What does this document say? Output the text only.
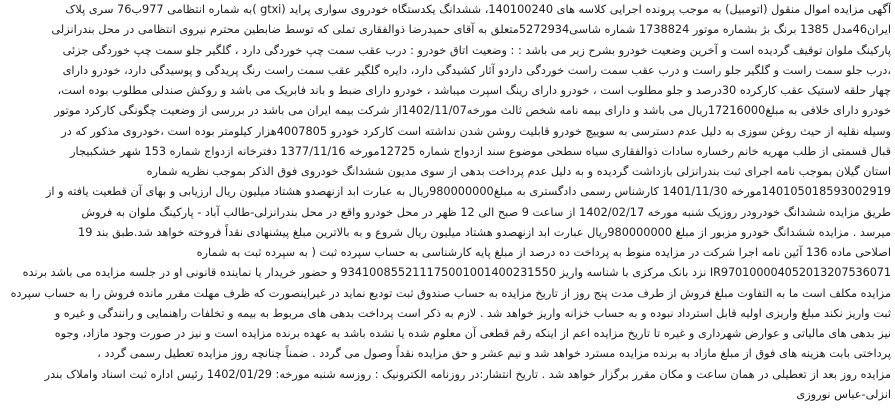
آگهی مزایده اموال منقول (اتومبیل) به موجب پرونده اجرایی کلاسه های 140100240، ششدانگ یکدستگاه خودروی سواری پراید (gtxi )به شماره انتظامی 977ب76 سری پلاک
ایران46مدل 1385 برنگ بژ بشماره موتور 1738824 شماره شاسی5272934متعلق به آقای حمیدرضا ذوالفقاری تملی که توسط ضابطین محترم نیروی انتظامی در محل بندرانزلی
پارکینگ ملوان توقیف گردیده است و آخرین وضعیت خودرو بشرح زیر می باشد : : وضعیت اتاق خودرو : درب عقب سمت چپ خوردگی دارد ، گلگیر جلو سمت چپ خوردگی جزئی
،درب جلو سمت راست و گلگیر جلو راست و درب عقب سمت راست خوردگی داردو آثار کشیدگی دارد، دایره گلگیر عقب سمت راست رنگ پریدگی و پوسیدگی دارد، خودرو دارای
چهار حلقه لاستیک عقب کارکرده 30درصد و جلو مطلوب است ، خودرو دارای رینگ اسپرت میباشد ، خودرو دارای ضبط و باند فابریک می باشد و روکش صندلی مطلوب بوده است،
خودرو دارای خلافی به مبلغ17216000ریال می باشد و دارای بیمه نامه شخص ثالث مورخه1402/11/07از شرکت بیمه ایران می باشد در بررسی از وضعیت چگونگی کارکرد موتور
وسیله نقلیه از حیث روغن سوزی به دلیل عدم دسترسی به سوییچ خودرو قابلیت روشن شدن نداشته است کارکرد خودرو 4007805هزار کیلومتر بوده است ،خودروی مذکور که در
قبال قسمتی از طلب مهریه خانم رخساره سادات ذوالفقاری سیاه سطحی موضوع سند ازدواج شماره 12725مورخه 1377/11/16 دفترخانه ازدواج شماره 153 شهر خشکبیجار
استان گیلان بموجب نامه اجرای ثبت بندرانزلی بازداشت گردیده و به دلیل عدم پرداخت بدهی از سوی مدیون ششدانگ خودروی فوق الذکر بموجب نظریه شماره
140105018593002919مورخه 1401/11/30 کارشناس رسمی دادگستری به مبلغ980000000ریال به عبارت ابد ازنهصدو هشتاد میلیون ریال ارزیابی و بهای آن قطعیت یافته و از
طریق مزایده ششدانگ خودرودر روزیک شنبه مورخه 1402/02/17 از ساعت 9 صبح الی 12 ظهر در محل خودرو واقع در محل بندرانزلی-طالب آباد - پارکینگ ملوان به فروش
میرسد . مزایده ششدانگ خودرو مزبور از مبلغ 980000000ریال عبارت ابد ازنهصدو هشتاد میلیون ریال شروع و به بالاترین مبلغ پیشنهادی نقداً فروخته خواهد شد.طبق بند 19
اصلاحی ماده 136 آئین نامه اجرا شرکت در مزایده منوط به پرداخت ده درصد از مبلغ پایه کارشناسی به حساب سپرده ثبت ( به سپرده ثبت به شماره
IR970100004052013207536071 نزد بانک مرکزی با شناسه واریز 934100855211175001001400231550 و حضور خریدار یا نماینده قانونی او در جلسه مزایده می باشد برنده
مزایده مکلف است ما به التفاوت مبلغ فروش از طرف مدت پنج روز از تاریخ مزایده به حساب صندوق ثبت تودیع نماید در غیراینصورت که ظرف مهلت مقرر مانده فروش را به حساب سپرده
ثبت واریز نکند مبلغ واریزی اولیه قابل استرداد نبوده و به حساب خزانه واریز خواهد شد . لازم به ذکر است پرداخت بدهی های مربوط به بیمه و تخلفات راهنمایی و رانندگی و غیره و
نیز بدهی های مالیاتی و عوارض شهرداری و غیره تا تاریخ مزایده اعم از اینکه رقم قطعی آن معلوم شده یا نشده باشد به عهده برنده مزایده است و نیز در صورت وجود مازاد، وجوه
پرداختی بابت هزینه های فوق از مبلغ مازاد به برنده مزایده مسترد خواهد شد و نیم عشر و حق مزایده نقداً وصول می گردد . ضمناً چنانچه روز مزایده تعطیل رسمی گردد ،
مزایده روز بعد از تعطیلی در همان ساعت و مکان مقرر برگزار خواهد شد . تاریخ انتشار:در روزنامه الکترونیک : روزسه شنبه مورخه: 1402/01/29 رئیس اداره ثبت اسناد واملاک بندر
انزلی-عباس نوروزی
